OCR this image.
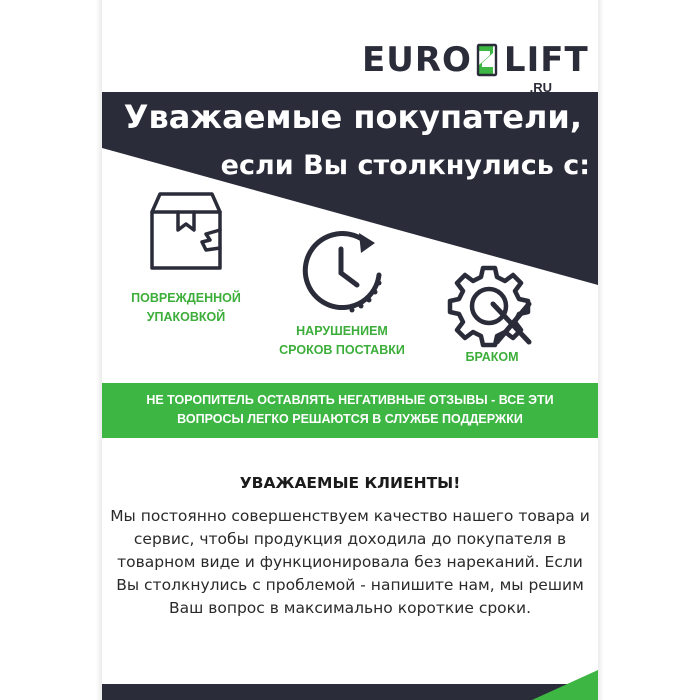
EURO LIFT
.RU
Уважаемые покупатели,
если Вы столкнулись с:
ПОВРЕЖДЕННОЙ
УПАКОВКОЙ
НАРУШЕНИЕМ
СРОКОВ ПОСТАВКИ	БРАКОМ
НЕ ТОРОПИТЕЛЬ ОСТАВЛЯТЬ НЕГАТИВНЫЕ ОТЗЫВЫ - ВСЕ ЭТИ
ВОПРОСЫ ЛЕГКО РЕШАЮТСЯ В СЛУЖБЕ ПОДДЕРЖКИ
УВАЖАЕМЫЕ КЛИЕНТЫ!
Мы постоянно совершенствуем качество нашего товара и
сервис, чтобы продукция доходила до покупателя в
товарном виде и функционировала без нареканий. Если
Вы столкнулись с проблемой - напишите нам, мы решим
Ваш вопрос в максимально короткие сроки.
